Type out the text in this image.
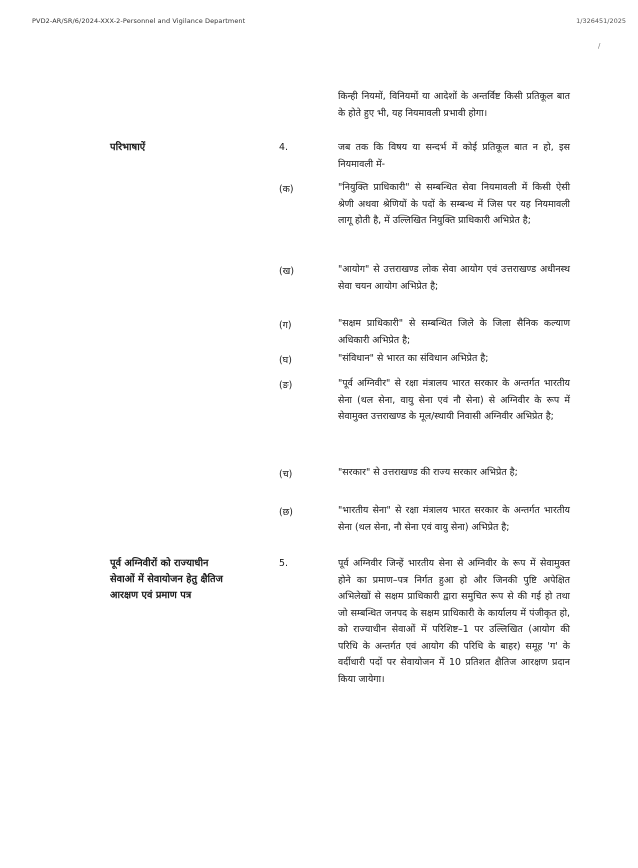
PVD2-AR/SR/6/2024-XXX-2-Personnel and Vigilance Department	1/326451/2025
/
किन्ही नियमों, विनियमों या आदेशों के अन्तर्विष्ट किसी प्रतिकूल बात के होते हुए भी, यह नियमावली प्रभावी होगा।
परिभाषाऐं	4.	जब तक कि विषय या सन्दर्भ में कोई प्रतिकूल बात न हो, इस नियमावली में-
(क)	"नियुक्ति प्राधिकारी" से सम्बन्धित सेवा नियमावली में किसी ऐसी श्रेणी अथवा श्रेणियों के पदों के सम्बन्ध में जिस पर यह नियमावली लागू होती है, में उल्लिखित नियुक्ति प्राधिकारी अभिप्रेत है;
(ख)	"आयोग" से उत्तराखण्ड लोक सेवा आयोग एवं उत्तराखण्ड अधीनस्थ सेवा चयन आयोग अभिप्रेत है;
(ग)	"सक्षम प्राधिकारी" से सम्बन्धित जिले के जिला सैनिक कल्याण अधिकारी अभिप्रेत है;
(घ)	"संविधान" से भारत का संविधान अभिप्रेत है;
(ङ)	"पूर्व अग्निवीर" से रक्षा मंत्रालय भारत सरकार के अन्तर्गत भारतीय सेना (थल सेना, वायु सेना एवं नौ सेना) से अग्निवीर के रूप में सेवामुक्त उत्तराखण्ड के मूल/स्थायी निवासी अग्निवीर अभिप्रेत है;
(च)	"सरकार" से उत्तराखण्ड की राज्य सरकार अभिप्रेत है;
(छ)	"भारतीय सेना" से रक्षा मंत्रालय भारत सरकार के अन्तर्गत भारतीय सेना (थल सेना, नौ सेना एवं वायु सेना) अभिप्रेत है;
पूर्व अग्निवीरों को राज्याधीन सेवाओं में सेवायोजन हेतु क्षैतिज आरक्षण एवं प्रमाण पत्र
5.	पूर्व अग्निवीर जिन्हें भारतीय सेना से अग्निवीर के रूप में सेवामुक्त होने का प्रमाण–पत्र निर्गत हुआ हो और जिनकी पुष्टि अपेक्षित अभिलेखों से सक्षम प्राधिकारी द्वारा समुचित रूप से की गई हो तथा जो सम्बन्धित जनपद के सक्षम प्राधिकारी के कार्यालय में पंजीकृत हो, को राज्याधीन सेवाओं में परिशिष्ट–1 पर उल्लिखित (आयोग की परिधि के अन्तर्गत एवं आयोग की परिधि के बाहर) समूह 'ग' के वर्दीधारी पदों पर सेवायोजन में 10 प्रतिशत क्षैतिज आरक्षण प्रदान किया जायेगा।
